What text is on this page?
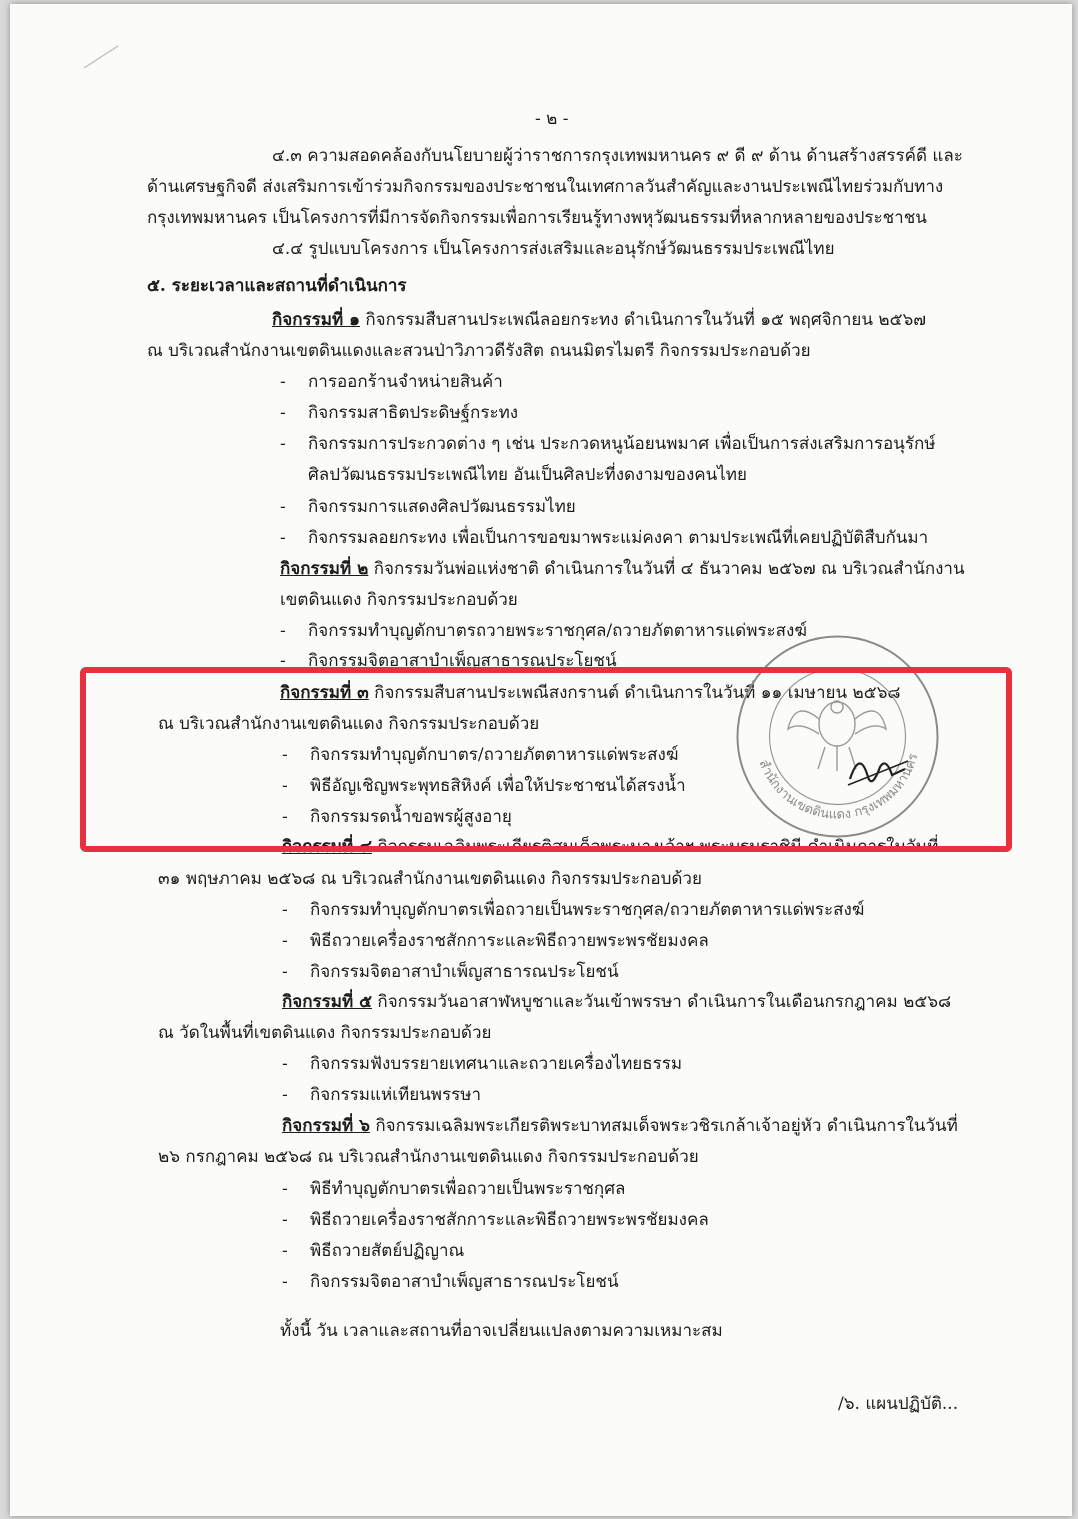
- ๒ -
๔.๓ ความสอดคล้องกับนโยบายผู้ว่าราชการกรุงเทพมหานคร ๙ ดี ๙ ด้าน ด้านสร้างสรรค์ดี และ
ด้านเศรษฐกิจดี ส่งเสริมการเข้าร่วมกิจกรรมของประชาชนในเทศกาลวันสำคัญและงานประเพณีไทยร่วมกับทาง
กรุงเทพมหานคร เป็นโครงการที่มีการจัดกิจกรรมเพื่อการเรียนรู้ทางพหุวัฒนธรรมที่หลากหลายของประชาชน
๔.๔ รูปแบบโครงการ เป็นโครงการส่งเสริมและอนุรักษ์วัฒนธรรมประเพณีไทย
๕. ระยะเวลาและสถานที่ดำเนินการ
กิจกรรมที่ ๑ กิจกรรมสืบสานประเพณีลอยกระทง ดำเนินการในวันที่ ๑๕ พฤศจิกายน ๒๕๖๗
ณ บริเวณสำนักงานเขตดินแดงและสวนป่าวิภาวดีรังสิต ถนนมิตรไมตรี กิจกรรมประกอบด้วย
- การออกร้านจำหน่ายสินค้า
- กิจกรรมสาธิตประดิษฐ์กระทง
- กิจกรรมการประกวดต่าง ๆ เช่น ประกวดหนูน้อยนพมาศ เพื่อเป็นการส่งเสริมการอนุรักษ์
ศิลปวัฒนธรรมประเพณีไทย อันเป็นศิลปะที่งดงามของคนไทย
- กิจกรรมการแสดงศิลปวัฒนธรรมไทย
- กิจกรรมลอยกระทง เพื่อเป็นการขอขมาพระแม่คงคา ตามประเพณีที่เคยปฏิบัติสืบกันมา
กิจกรรมที่ ๒ กิจกรรมวันพ่อแห่งชาติ ดำเนินการในวันที่ ๔ ธันวาคม ๒๕๖๗ ณ บริเวณสำนักงาน
เขตดินแดง กิจกรรมประกอบด้วย
- กิจกรรมทำบุญตักบาตรถวายพระราชกุศล/ถวายภัตตาหารแด่พระสงฆ์
- กิจกรรมจิตอาสาบำเพ็ญสาธารณประโยชน์
กิจกรรมที่ ๓ กิจกรรมสืบสานประเพณีสงกรานต์ ดำเนินการในวันที่ ๑๑ เมษายน ๒๕๖๘
ณ บริเวณสำนักงานเขตดินแดง กิจกรรมประกอบด้วย
- กิจกรรมทำบุญตักบาตร/ถวายภัตตาหารแด่พระสงฆ์
- พิธีอัญเชิญพระพุทธสิหิงค์ เพื่อให้ประชาชนได้สรงน้ำ
- กิจกรรมรดน้ำขอพรผู้สูงอายุ
กิจกรรมที่ ๔ กิจกรรมเฉลิมพระเกียรติสมเด็จพระนางเจ้าฯ พระบรมราชินี ดำเนินการในวันที่
๓๑ พฤษภาคม ๒๕๖๘ ณ บริเวณสำนักงานเขตดินแดง กิจกรรมประกอบด้วย
- กิจกรรมทำบุญตักบาตรเพื่อถวายเป็นพระราชกุศล/ถวายภัตตาหารแด่พระสงฆ์
- พิธีถวายเครื่องราชสักการะและพิธีถวายพระพรชัยมงคล
- กิจกรรมจิตอาสาบำเพ็ญสาธารณประโยชน์
กิจกรรมที่ ๕ กิจกรรมวันอาสาฬหบูชาและวันเข้าพรรษา ดำเนินการในเดือนกรกฎาคม ๒๕๖๘
ณ วัดในพื้นที่เขตดินแดง กิจกรรมประกอบด้วย
- กิจกรรมฟังบรรยายเทศนาและถวายเครื่องไทยธรรม
- กิจกรรมแห่เทียนพรรษา
กิจกรรมที่ ๖ กิจกรรมเฉลิมพระเกียรติพระบาทสมเด็จพระวชิรเกล้าเจ้าอยู่หัว ดำเนินการในวันที่
๒๖ กรกฎาคม ๒๕๖๘ ณ บริเวณสำนักงานเขตดินแดง กิจกรรมประกอบด้วย
- พิธีทำบุญตักบาตรเพื่อถวายเป็นพระราชกุศล
- พิธีถวายเครื่องราชสักการะและพิธีถวายพระพรชัยมงคล
- พิธีถวายสัตย์ปฏิญาณ
- กิจกรรมจิตอาสาบำเพ็ญสาธารณประโยชน์
ทั้งนี้ วัน เวลาและสถานที่อาจเปลี่ยนแปลงตามความเหมาะสม
/๖. แผนปฏิบัติ...
สำนักงานเขตดินแดง กรุงเทพมหานคร
